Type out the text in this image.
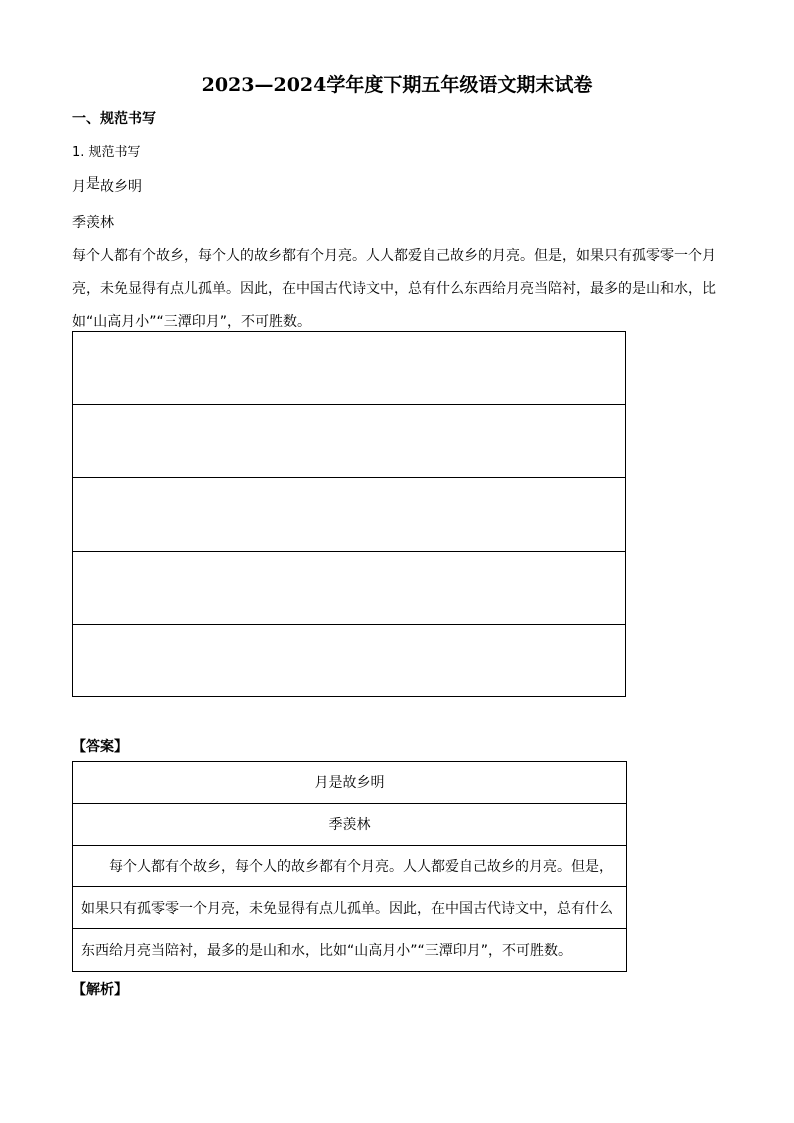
2023—2024学年度下期五年级语文期末试卷
一、规范书写
1. 规范书写
月是故乡明
季羡林
每个人都有个故乡，每个人的故乡都有个月亮。人人都爱自己故乡的月亮。但是，如果只有孤零零一个月
亮，未免显得有点儿孤单。因此，在中国古代诗文中，总有什么东西给月亮当陪衬，最多的是山和水，比
如“山高月小”“三潭印月”，不可胜数。
【答案】
月是故乡明
季羡林
每个人都有个故乡，每个人的故乡都有个月亮。人人都爱自己故乡的月亮。但是，
如果只有孤零零一个月亮，未免显得有点儿孤单。因此，在中国古代诗文中，总有什么
东西给月亮当陪衬，最多的是山和水，比如“山高月小”“三潭印月”，不可胜数。
【解析】
